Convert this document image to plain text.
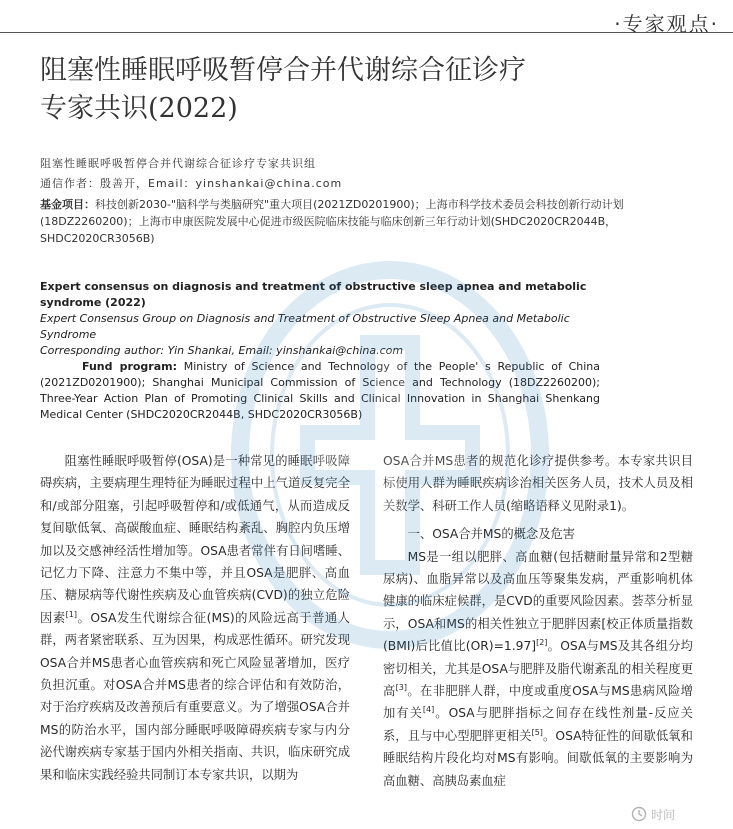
·专家观点·
阻塞性睡眠呼吸暂停合并代谢综合征诊疗
专家共识(2022)
阻塞性睡眠呼吸暂停合并代谢综合征诊疗专家共识组
通信作者：殷善开，Email：yinshankai@china.com
基金项目：科技创新2030-"脑科学与类脑研究"重大项目(2021ZD0201900)；上海市科学技术委员会科技创新行动计划(18DZ2260200)；上海市申康医院发展中心促进市级医院临床技能与临床创新三年行动计划(SHDC2020CR2044B，SHDC2020CR3056B)
Expert consensus on diagnosis and treatment of obstructive sleep apnea and metabolic syndrome (2022)
Expert Consensus Group on Diagnosis and Treatment of Obstructive Sleep Apnea and Metabolic Syndrome
Corresponding author: Yin Shankai, Email: yinshankai@china.com
Fund program: Ministry of Science and Technology of the People' s Republic of China (2021ZD0201900); Shanghai Municipal Commission of Science and Technology (18DZ2260200); Three-Year Action Plan of Promoting Clinical Skills and Clinical Innovation in Shanghai Shenkang Medical Center (SHDC2020CR2044B, SHDC2020CR3056B)

阻塞性睡眠呼吸暂停(OSA)是一种常见的睡眠呼吸障碍疾病，主要病理生理特征为睡眠过程中上气道反复完全和/或部分阻塞，引起呼吸暂停和/或低通气，从而造成反复间歇低氧、高碳酸血症、睡眠结构紊乱、胸腔内负压增加以及交感神经活性增加等。OSA患者常伴有日间嗜睡、记忆力下降、注意力不集中等，并且OSA是肥胖、高血压、糖尿病等代谢性疾病及心血管疾病(CVD)的独立危险因素[1]。OSA发生代谢综合征(MS)的风险远高于普通人群，两者紧密联系、互为因果，构成恶性循环。研究发现OSA合并MS患者心血管疾病和死亡风险显著增加，医疗负担沉重。对OSA合并MS患者的综合评估和有效防治，对于治疗疾病及改善预后有重要意义。为了增强OSA合并MS的防治水平，国内部分睡眠呼吸障碍疾病专家与内分泌代谢疾病专家基于国内外相关指南、共识，临床研究成果和临床实践经验共同制订本专家共识，以期为

OSA合并MS患者的规范化诊疗提供参考。本专家共识目标使用人群为睡眠疾病诊治相关医务人员，技术人员及相关数学、科研工作人员(缩略语释义见附录1)。

一、OSA合并MS的概念及危害

MS是一组以肥胖、高血糖(包括糖耐量异常和2型糖尿病)、血脂异常以及高血压等聚集发病，严重影响机体健康的临床症候群，是CVD的重要风险因素。荟萃分析显示，OSA和MS的相关性独立于肥胖因素[校正体质量指数(BMI)后比值比(OR)=1.97][2]。OSA与MS及其各组分均密切相关，尤其是OSA与肥胖及脂代谢紊乱的相关程度更高[3]。在非肥胖人群，中度或重度OSA与MS患病风险增加有关[4]。OSA与肥胖指标之间存在线性剂量-反应关系，且与中心型肥胖更相关[5]。OSA特征性的间歇低氧和睡眠结构片段化均对MS有影响。间歇低氧的主要影响为高血糖、高胰岛素血症

时间
